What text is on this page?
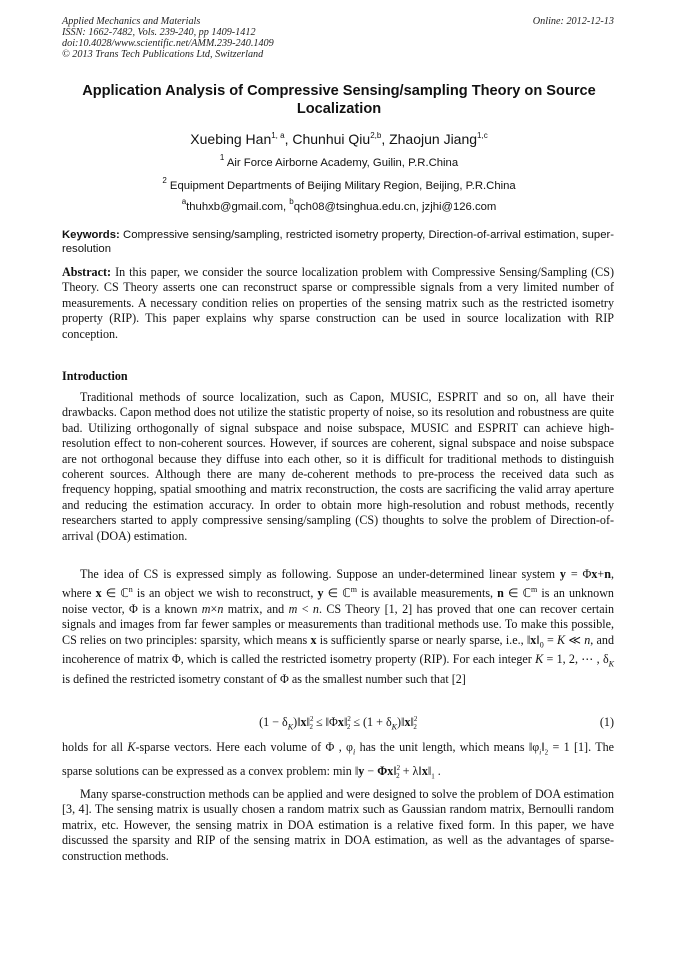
Applied Mechanics and Materials
ISSN: 1662-7482, Vols. 239-240, pp 1409-1412
doi:10.4028/www.scientific.net/AMM.239-240.1409
© 2013 Trans Tech Publications Ltd, Switzerland
Online: 2012-12-13
Application Analysis of Compressive Sensing/sampling Theory on Source Localization
Xuebing Han$^{1, a}$, Chunhui Qiu$^{2,b}$, Zhaojun Jiang$^{1,c}$
$^1$ Air Force Airborne Academy, Guilin, P.R.China
$^2$ Equipment Departments of Beijing Military Region, Beijing, P.R.China
$^a$thuhxb@gmail.com, $^b$qch08@tsinghua.edu.cn, jzjhi@126.com
Keywords: Compressive sensing/sampling, restricted isometry property, Direction-of-arrival estimation, super-resolution
Abstract: In this paper, we consider the source localization problem with Compressive Sensing/Sampling (CS) Theory. CS Theory asserts one can reconstruct sparse or compressible signals from a very limited number of measurements. A necessary condition relies on properties of the sensing matrix such as the restricted isometry property (RIP). This paper explains why sparse construction can be used in source localization with RIP conception.
Introduction
Traditional methods of source localization, such as Capon, MUSIC, ESPRIT and so on, all have their drawbacks. Capon method does not utilize the statistic property of noise, so its resolution and robustness are quite bad. Utilizing orthogonally of signal subspace and noise subspace, MUSIC and ESPRIT can achieve high-resolution effect to non-coherent sources. However, if sources are coherent, signal subspace and noise subspace are not orthogonal because they diffuse into each other, so it is difficult for traditional methods to distinguish coherent sources. Although there are many de-coherent methods to pre-process the received data such as frequency hopping, spatial smoothing and matrix reconstruction, the costs are sacrificing the valid array aperture and reducing the estimation accuracy. In order to obtain more high-resolution and robust methods, recently researchers started to apply compressive sensing/sampling (CS) thoughts to solve the problem of Direction-of-arrival (DOA) estimation.
The idea of CS is expressed simply as following. Suppose an under-determined linear system y = Φx+n, where x ∈ ℂ$^n$ is an object we wish to reconstruct, y ∈ ℂ$^m$ is available measurements, n ∈ ℂ$^m$ is an unknown noise vector, Φ is a known m×n matrix, and m < n. CS Theory [1, 2] has proved that one can recover certain signals and images from far fewer samples or measurements than traditional methods use. To make this possible, CS relies on two principles: sparsity, which means x is sufficiently sparse or nearly sparse, i.e., $‖x‖_0 = K$ ≪ n, and incoherence of matrix Φ, which is called the restricted isometry property (RIP). For each integer K = 1, 2, ⋯ , $\delta_K$ is defined the restricted isometry constant of Φ as the smallest number such that [2]
$(1 - \delta_K)‖x‖^2_2$ ≤ ‖Φx‖$^2_2$ ≤ $(1 + \delta_K)‖x‖^2_2$	(1)
holds for all K-sparse vectors. Here each volume of Φ , $\varphi_i$ has the unit length, which means $‖\varphi_i‖_2 = 1$ [1]. The sparse solutions can be expressed as a convex problem: min ‖y − Φx‖$^2_2$ + $\lambda‖x‖_1$ .
Many sparse-construction methods can be applied and were designed to solve the problem of DOA estimation [3, 4]. The sensing matrix is usually chosen a random matrix such as Gaussian random matrix, Bernoulli random matrix, etc. However, the sensing matrix in DOA estimation is a relative fixed form. In this paper, we have discussed the sparsity and RIP of the sensing matrix in DOA estimation, as well as the advantages of sparse-construction methods.
